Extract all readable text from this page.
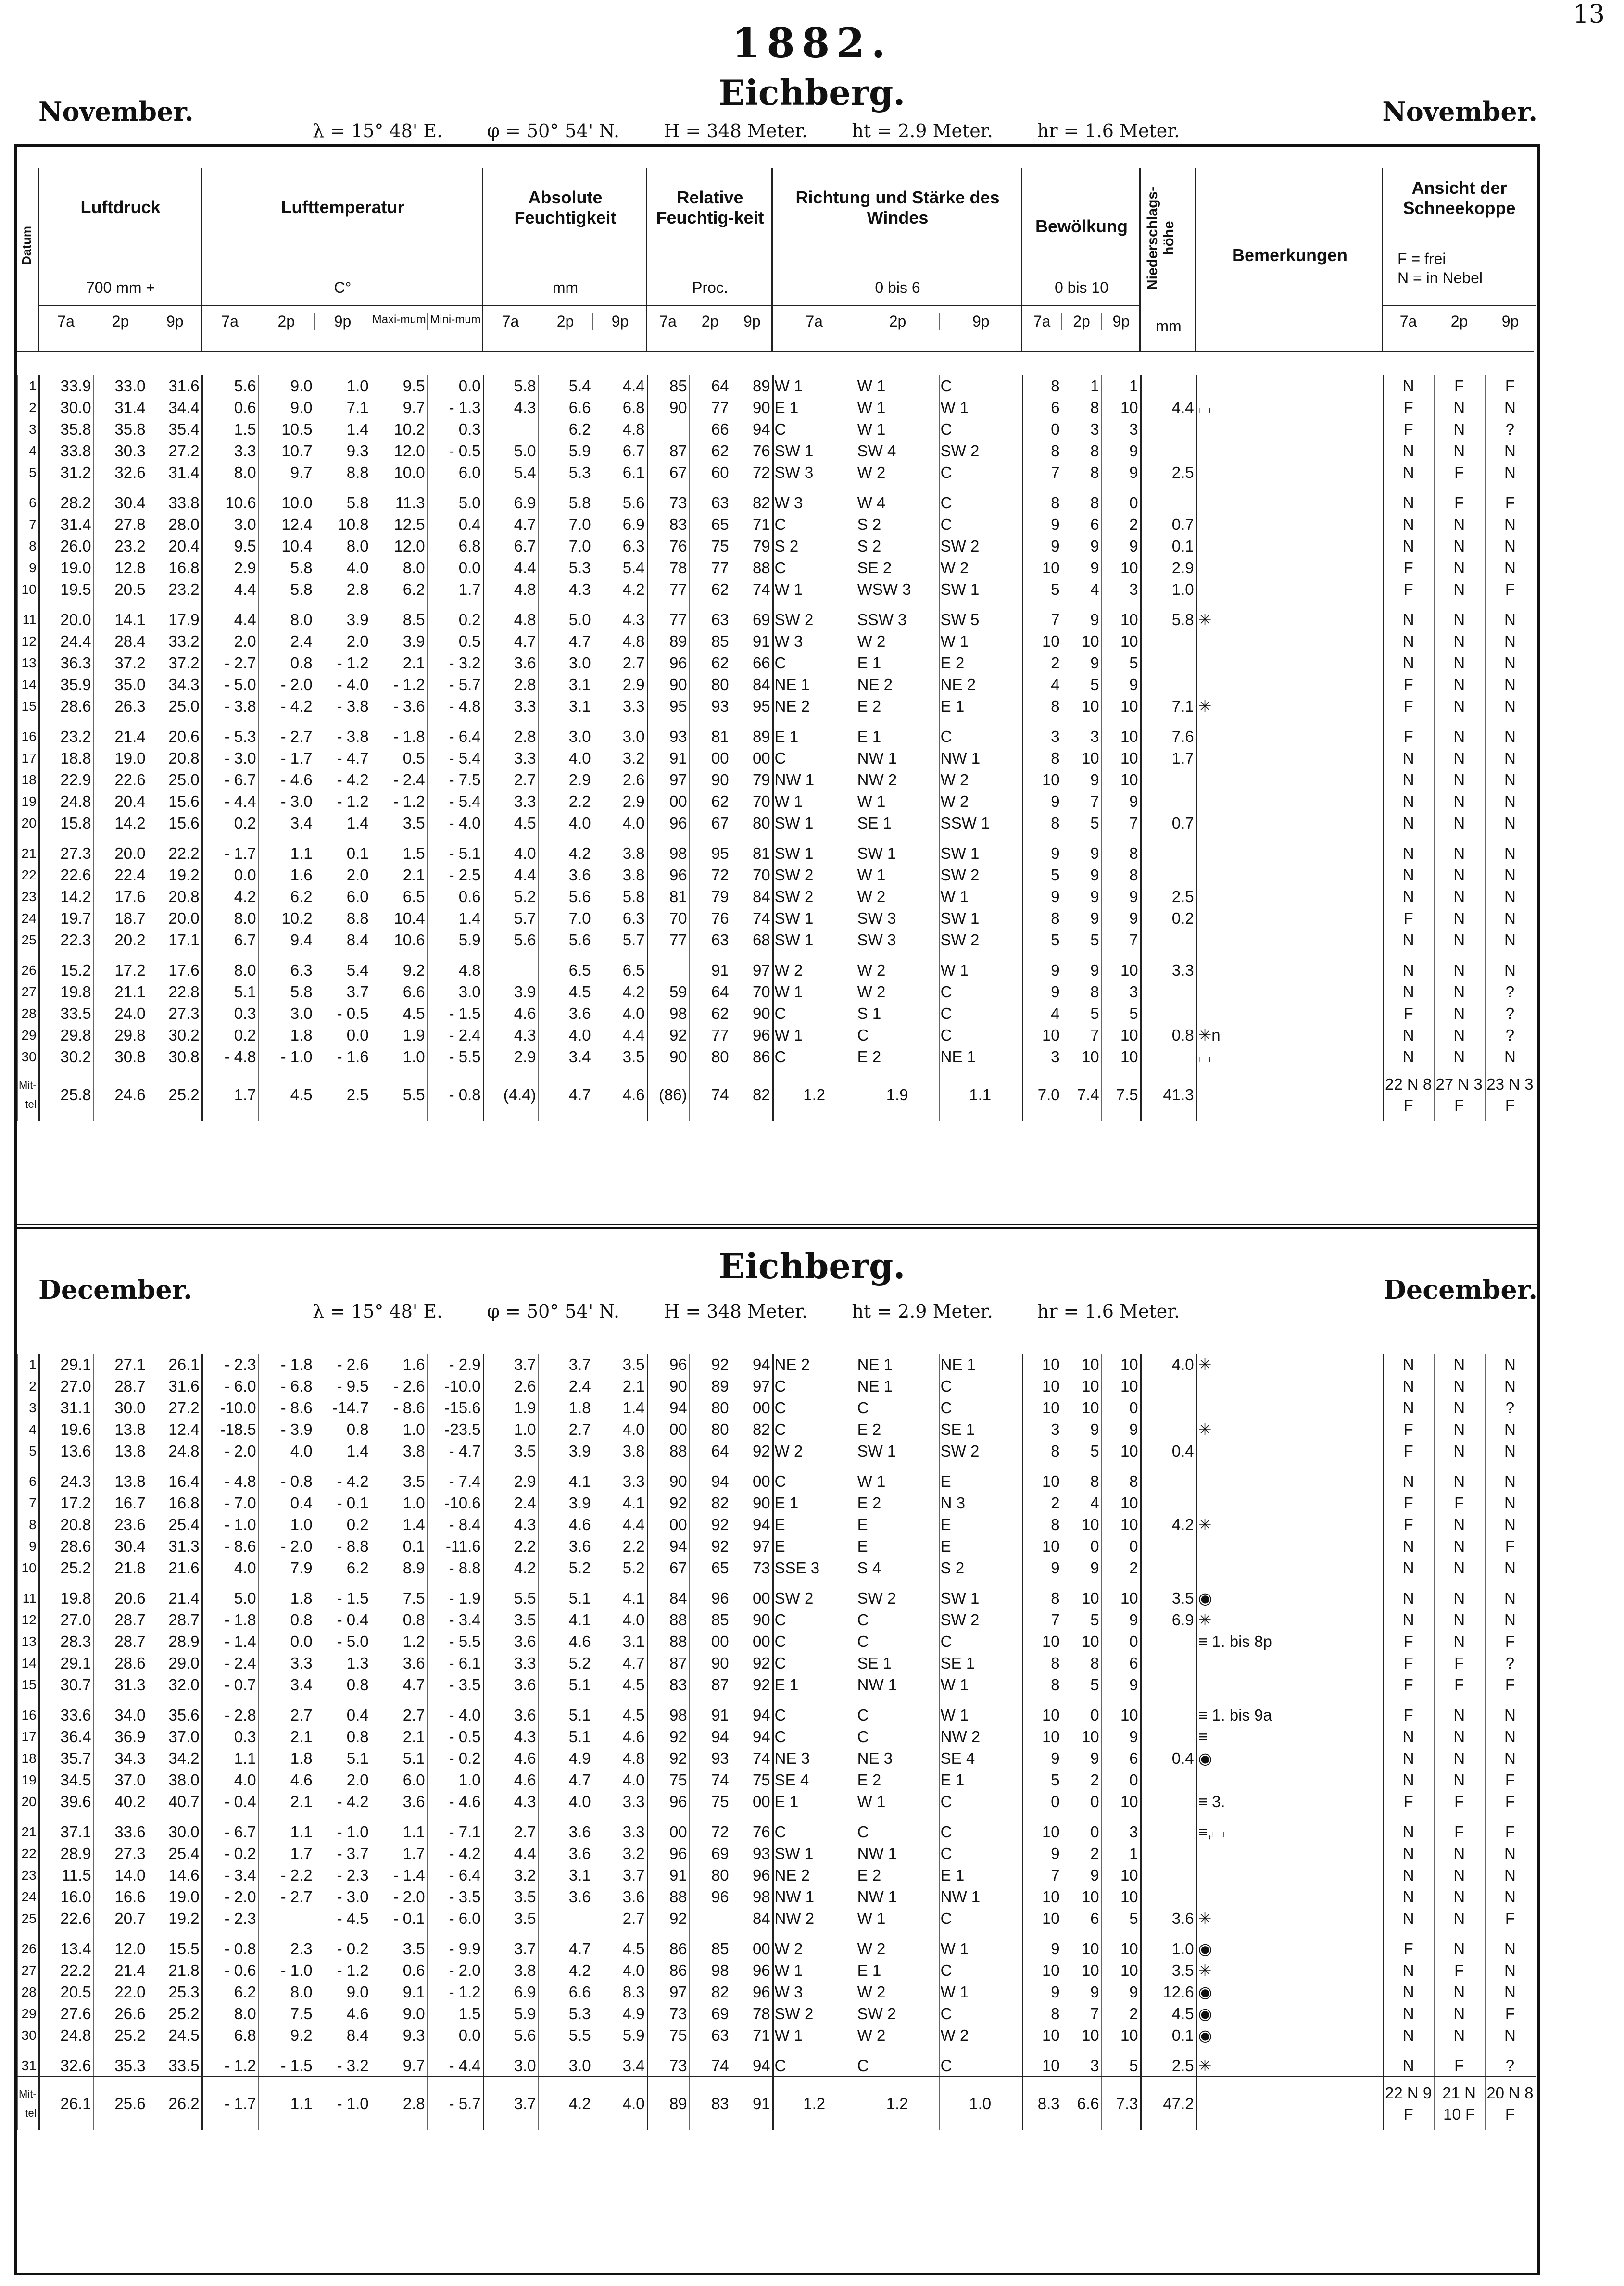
13
1882.
Eichberg.
November.	November.
λ = 15° 48' E. φ = 50° 54' N. H = 348 Meter. ht = 2.9 Meter. hr = 1.6 Meter.
Datum
Luftdruck
700 mm +
7a	2p	9p
Lufttemperatur
C°
7a	2p	9p	Maxi-mum Mini-mum
Absolute Feuchtigkeit
mm
7a	2p	9p
Relative Feuchtig-keit
Proc.
7a	2p	9p
Richtung und Stärke des Windes
0 bis 6
7a	2p	9p
Bewölkung
0 bis 10
7a	2p	9p
Niederschlags-höhe
mm
Bemerkungen
Ansicht der Schneekoppe
F = frei
N = in Nebel
7a	2p	9p
1	33.9	33.0	31.6	5.6	9.0	1.0	9.5	0.0	5.8	5.4	4.4	85	64	89	W 1	W 1	C	8	1	1			N	F	F
2	30.0	31.4	34.4	0.6	9.0	7.1	9.7	- 1.3	4.3	6.6	6.8	90	77	90	E 1	W 1	W 1	6	8	10	4.4	⌴	F	N	N
3	35.8	35.8	35.4	1.5	10.5	1.4	10.2	0.3		6.2	4.8		66	94	C	W 1	C	0	3	3			F	N	?
4	33.8	30.3	27.2	3.3	10.7	9.3	12.0	- 0.5	5.0	5.9	6.7	87	62	76	SW 1	SW 4	SW 2	8	8	9			N	N	N
5	31.2	32.6	31.4	8.0	9.7	8.8	10.0	6.0	5.4	5.3	6.1	67	60	72	SW 3	W 2	C	7	8	9	2.5		N	F	N

6	28.2	30.4	33.8	10.6	10.0	5.8	11.3	5.0	6.9	5.8	5.6	73	63	82	W 3	W 4	C	8	8	0			N	F	F
7	31.4	27.8	28.0	3.0	12.4	10.8	12.5	0.4	4.7	7.0	6.9	83	65	71	C	S 2	C	9	6	2	0.7		N	N	N
8	26.0	23.2	20.4	9.5	10.4	8.0	12.0	6.8	6.7	7.0	6.3	76	75	79	S 2	S 2	SW 2	9	9	9	0.1		N	N	N
9	19.0	12.8	16.8	2.9	5.8	4.0	8.0	0.0	4.4	5.3	5.4	78	77	88	C	SE 2	W 2	10	9	10	2.9		F	N	N
10	19.5	20.5	23.2	4.4	5.8	2.8	6.2	1.7	4.8	4.3	4.2	77	62	74	W 1	WSW 3	SW 1	5	4	3	1.0		F	N	F

11	20.0	14.1	17.9	4.4	8.0	3.9	8.5	0.2	4.8	5.0	4.3	77	63	69	SW 2	SSW 3	SW 5	7	9	10	5.8	✳	N	N	N
12	24.4	28.4	33.2	2.0	2.4	2.0	3.9	0.5	4.7	4.7	4.8	89	85	91	W 3	W 2	W 1	10	10	10			N	N	N
13	36.3	37.2	37.2	- 2.7	0.8	- 1.2	2.1	- 3.2	3.6	3.0	2.7	96	62	66	C	E 1	E 2	2	9	5			N	N	N
14	35.9	35.0	34.3	- 5.0	- 2.0	- 4.0	- 1.2	- 5.7	2.8	3.1	2.9	90	80	84	NE 1	NE 2	NE 2	4	5	9			F	N	N
15	28.6	26.3	25.0	- 3.8	- 4.2	- 3.8	- 3.6	- 4.8	3.3	3.1	3.3	95	93	95	NE 2	E 2	E 1	8	10	10	7.1	✳	F	N	N

16	23.2	21.4	20.6	- 5.3	- 2.7	- 3.8	- 1.8	- 6.4	2.8	3.0	3.0	93	81	89	E 1	E 1	C	3	3	10	7.6		F	N	N
17	18.8	19.0	20.8	- 3.0	- 1.7	- 4.7	0.5	- 5.4	3.3	4.0	3.2	91	00	00	C	NW 1	NW 1	8	10	10	1.7		N	N	N
18	22.9	22.6	25.0	- 6.7	- 4.6	- 4.2	- 2.4	- 7.5	2.7	2.9	2.6	97	90	79	NW 1	NW 2	W 2	10	9	10			N	N	N
19	24.8	20.4	15.6	- 4.4	- 3.0	- 1.2	- 1.2	- 5.4	3.3	2.2	2.9	00	62	70	W 1	W 1	W 2	9	7	9			N	N	N
20	15.8	14.2	15.6	0.2	3.4	1.4	3.5	- 4.0	4.5	4.0	4.0	96	67	80	SW 1	SE 1	SSW 1	8	5	7	0.7		N	N	N

21	27.3	20.0	22.2	- 1.7	1.1	0.1	1.5	- 5.1	4.0	4.2	3.8	98	95	81	SW 1	SW 1	SW 1	9	9	8			N	N	N
22	22.6	22.4	19.2	0.0	1.6	2.0	2.1	- 2.5	4.4	3.6	3.8	96	72	70	SW 2	W 1	SW 2	5	9	8			N	N	N
23	14.2	17.6	20.8	4.2	6.2	6.0	6.5	0.6	5.2	5.6	5.8	81	79	84	SW 2	W 2	W 1	9	9	9	2.5		N	N	N
24	19.7	18.7	20.0	8.0	10.2	8.8	10.4	1.4	5.7	7.0	6.3	70	76	74	SW 1	SW 3	SW 1	8	9	9	0.2		F	N	N
25	22.3	20.2	17.1	6.7	9.4	8.4	10.6	5.9	5.6	5.6	5.7	77	63	68	SW 1	SW 3	SW 2	5	5	7			N	N	N

26	15.2	17.2	17.6	8.0	6.3	5.4	9.2	4.8		6.5	6.5		91	97	W 2	W 2	W 1	9	9	10	3.3		N	N	N
27	19.8	21.1	22.8	5.1	5.8	3.7	6.6	3.0	3.9	4.5	4.2	59	64	70	W 1	W 2	C	9	8	3			N	N	?
28	33.5	24.0	27.3	0.3	3.0	- 0.5	4.5	- 1.5	4.6	3.6	4.0	98	62	90	C	S 1	C	4	5	5			F	N	?
29	29.8	29.8	30.2	0.2	1.8	0.0	1.9	- 2.4	4.3	4.0	4.4	92	77	96	W 1	C	C	10	7	10	0.8	✳n	N	N	?
30	30.2	30.8	30.8	- 4.8	- 1.0	- 1.6	1.0	- 5.5	2.9	3.4	3.5	90	80	86	C	E 2	NE 1	3	10	10		⌴	N	N	N
Mit-tel	25.8	24.6	25.2	1.7	4.5	2.5	5.5	- 0.8	(4.4)	4.7	4.6	(86)	74	82	1.2	1.9	1.1	7.0	7.4	7.5	41.3		22 N 8 F	27 N 3 F	23 N 3 F
Eichberg.
December.	December.
λ = 15° 48' E. φ = 50° 54' N. H = 348 Meter. ht = 2.9 Meter. hr = 1.6 Meter.
1	29.1	27.1	26.1	- 2.3	- 1.8	- 2.6	1.6	- 2.9	3.7	3.7	3.5	96	92	94	NE 2	NE 1	NE 1	10	10	10	4.0	✳	N	N	N
2	27.0	28.7	31.6	- 6.0	- 6.8	- 9.5	- 2.6	-10.0	2.6	2.4	2.1	90	89	97	C	NE 1	C	10	10	10			N	N	N
3	31.1	30.0	27.2	-10.0	- 8.6	-14.7	- 8.6	-15.6	1.9	1.8	1.4	94	80	00	C	C	C	10	10	0			N	N	?
4	19.6	13.8	12.4	-18.5	- 3.9	0.8	1.0	-23.5	1.0	2.7	4.0	00	80	82	C	E 2	SE 1	3	9	9		✳	F	N	N
5	13.6	13.8	24.8	- 2.0	4.0	1.4	3.8	- 4.7	3.5	3.9	3.8	88	64	92	W 2	SW 1	SW 2	8	5	10	0.4		F	N	N

6	24.3	13.8	16.4	- 4.8	- 0.8	- 4.2	3.5	- 7.4	2.9	4.1	3.3	90	94	00	C	W 1	E	10	8	8			N	N	N
7	17.2	16.7	16.8	- 7.0	0.4	- 0.1	1.0	-10.6	2.4	3.9	4.1	92	82	90	E 1	E 2	N 3	2	4	10			F	F	N
8	20.8	23.6	25.4	- 1.0	1.0	0.2	1.4	- 8.4	4.3	4.6	4.4	00	92	94	E	E	E	8	10	10	4.2	✳	F	N	N
9	28.6	30.4	31.3	- 8.6	- 2.0	- 8.8	0.1	-11.6	2.2	3.6	2.2	94	92	97	E	E	E	10	0	0			N	N	F
10	25.2	21.8	21.6	4.0	7.9	6.2	8.9	- 8.8	4.2	5.2	5.2	67	65	73	SSE 3	S 4	S 2	9	9	2			N	N	N

11	19.8	20.6	21.4	5.0	1.8	- 1.5	7.5	- 1.9	5.5	5.1	4.1	84	96	00	SW 2	SW 2	SW 1	8	10	10	3.5	◉	N	N	N
12	27.0	28.7	28.7	- 1.8	0.8	- 0.4	0.8	- 3.4	3.5	4.1	4.0	88	85	90	C	C	SW 2	7	5	9	6.9	✳	N	N	N
13	28.3	28.7	28.9	- 1.4	0.0	- 5.0	1.2	- 5.5	3.6	4.6	3.1	88	00	00	C	C	C	10	10	0		≡ 1. bis 8p	F	N	F
14	29.1	28.6	29.0	- 2.4	3.3	1.3	3.6	- 6.1	3.3	5.2	4.7	87	90	92	C	SE 1	SE 1	8	8	6			F	F	?
15	30.7	31.3	32.0	- 0.7	3.4	0.8	4.7	- 3.5	3.6	5.1	4.5	83	87	92	E 1	NW 1	W 1	8	5	9			F	F	F

16	33.6	34.0	35.6	- 2.8	2.7	0.4	2.7	- 4.0	3.6	5.1	4.5	98	91	94	C	C	W 1	10	0	10		≡ 1. bis 9a	F	N	N
17	36.4	36.9	37.0	0.3	2.1	0.8	2.1	- 0.5	4.3	5.1	4.6	92	94	94	C	C	NW 2	10	10	9		≡	N	N	N
18	35.7	34.3	34.2	1.1	1.8	5.1	5.1	- 0.2	4.6	4.9	4.8	92	93	74	NE 3	NE 3	SE 4	9	9	6	0.4	◉	N	N	N
19	34.5	37.0	38.0	4.0	4.6	2.0	6.0	1.0	4.6	4.7	4.0	75	74	75	SE 4	E 2	E 1	5	2	0			N	N	F
20	39.6	40.2	40.7	- 0.4	2.1	- 4.2	3.6	- 4.6	4.3	4.0	3.3	96	75	00	E 1	W 1	C	0	0	10		≡ 3.	F	F	F

21	37.1	33.6	30.0	- 6.7	1.1	- 1.0	1.1	- 7.1	2.7	3.6	3.3	00	72	76	C	C	C	10	0	3		≡,⌴	N	F	F
22	28.9	27.3	25.4	- 0.2	1.7	- 3.7	1.7	- 4.2	4.4	3.6	3.2	96	69	93	SW 1	NW 1	C	9	2	1			N	N	N
23	11.5	14.0	14.6	- 3.4	- 2.2	- 2.3	- 1.4	- 6.4	3.2	3.1	3.7	91	80	96	NE 2	E 2	E 1	7	9	10			N	N	N
24	16.0	16.6	19.0	- 2.0	- 2.7	- 3.0	- 2.0	- 3.5	3.5	3.6	3.6	88	96	98	NW 1	NW 1	NW 1	10	10	10			N	N	N
25	22.6	20.7	19.2	- 2.3		- 4.5	- 0.1	- 6.0	3.5		2.7	92		84	NW 2	W 1	C	10	6	5	3.6	✳	N	N	F

26	13.4	12.0	15.5	- 0.8	2.3	- 0.2	3.5	- 9.9	3.7	4.7	4.5	86	85	00	W 2	W 2	W 1	9	10	10	1.0	◉	F	N	N
27	22.2	21.4	21.8	- 0.6	- 1.0	- 1.2	0.6	- 2.0	3.8	4.2	4.0	86	98	96	W 1	E 1	C	10	10	10	3.5	✳	N	F	N
28	20.5	22.0	25.3	6.2	8.0	9.0	9.1	- 1.2	6.9	6.6	8.3	97	82	96	W 3	W 2	W 1	9	9	9	12.6	◉	N	N	N
29	27.6	26.6	25.2	8.0	7.5	4.6	9.0	1.5	5.9	5.3	4.9	73	69	78	SW 2	SW 2	C	8	7	2	4.5	◉	N	N	F
30	24.8	25.2	24.5	6.8	9.2	8.4	9.3	0.0	5.6	5.5	5.9	75	63	71	W 1	W 2	W 2	10	10	10	0.1	◉	N	N	N

31	32.6	35.3	33.5	- 1.2	- 1.5	- 3.2	9.7	- 4.4	3.0	3.0	3.4	73	74	94	C	C	C	10	3	5	2.5	✳	N	F	?
Mit-tel	26.1	25.6	26.2	- 1.7	1.1	- 1.0	2.8	- 5.7	3.7	4.2	4.0	89	83	91	1.2	1.2	1.0	8.3	6.6	7.3	47.2		22 N 9 F	21 N 10 F	20 N 8 F
